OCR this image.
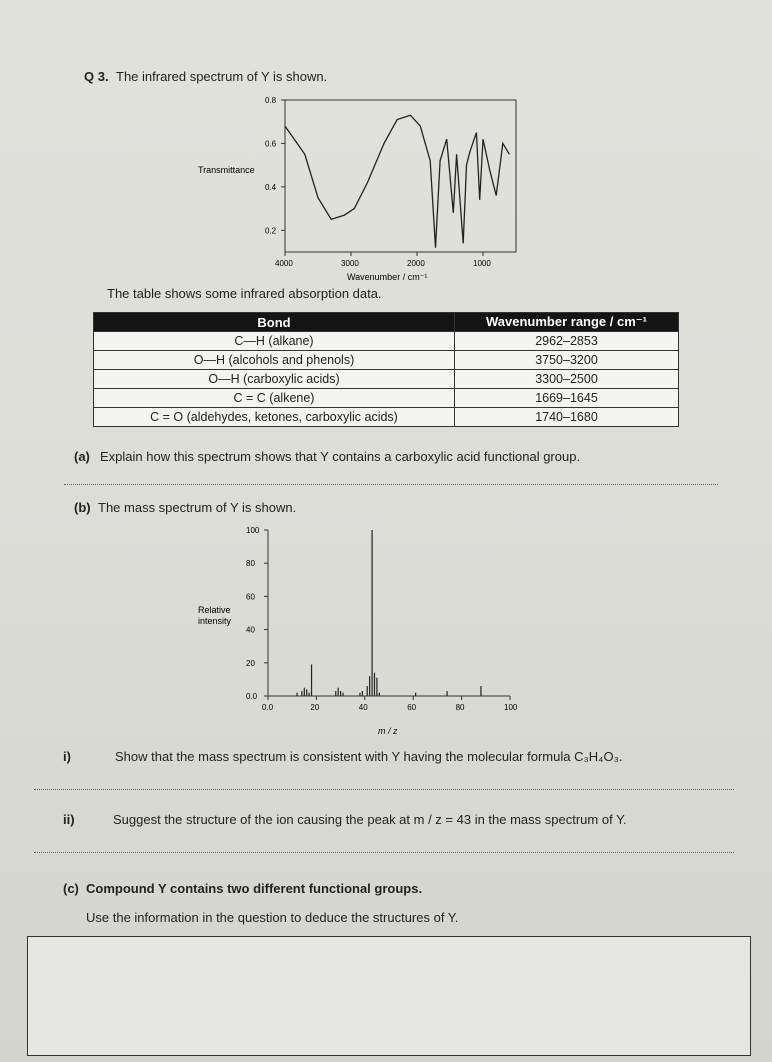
Q 3. The infrared spectrum of Y is shown.
0.8
0.6
0.4
0.2
4000	3000	2000	1000
Transmittance
Wavenumber / cm⁻¹
The table shows some infrared absorption data.
Bond	Wavenumber range / cm⁻¹
C—H (alkane)	2962–2853
O—H (alcohols and phenols)	3750–3200
O—H (carboxylic acids)	3300–2500
C = C (alkene)	1669–1645
C = O (aldehydes, ketones, carboxylic acids)	1740–1680
(a) Explain how this spectrum shows that Y contains a carboxylic acid functional group.
(b) The mass spectrum of Y is shown.
100
80
60
40
20
0.0
0.0	20	40	60	80	100
Relative
intensity
m / z
i)	Show that the mass spectrum is consistent with Y having the molecular formula C₃H₄O₃.
ii)	Suggest the structure of the ion causing the peak at m / z = 43 in the mass spectrum of Y.
(c) Compound Y contains two different functional groups.
Use the information in the question to deduce the structures of Y.
